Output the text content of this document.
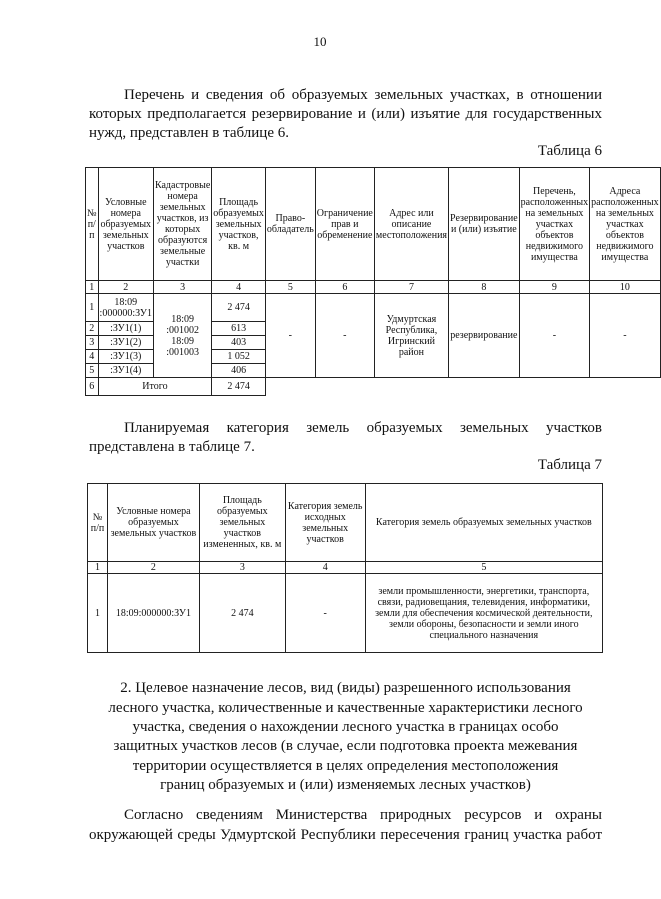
10
Перечень и сведения об образуемых земельных участках, в отношении
которых предполагается резервирование и (или) изъятие для государственных
нужд, представлен в таблице 6.
Таблица 6
№ п/п	Условные номера образуемых земельных участков	Кадастровые номера земельных участков, из которых образуются земельные участки	Площадь образуемых земельных участков, кв. м	Право-обладатель	Ограничение прав и обременение	Адрес или описание местоположения	Резервирование и (или) изъятие	Перечень, расположенных на земельных участках объектов недвижимого имущества	Адреса расположенных на земельных участках объектов недвижимого имущества
1	2	3	4	5	6	7	8	9	10
1	18:09 :000000:ЗУ1	18:09
:001002
18:09
:001003	2 474	-	-	Удмуртская Республика, Игринский район	резервирование	-	-
2	:ЗУ1(1)		613						
3	:ЗУ1(2)		403						
4	:ЗУ1(3)		1 052						
5	:ЗУ1(4)		406						
6	Итого		2 474						
Планируемая категория земель образуемых земельных участков
представлена в таблице 7.
Таблица 7
№ п/п	Условные номера образуемых земельных участков	Площадь образуемых земельных участков измененных, кв. м	Категория земель исходных земельных участков	Категория земель образуемых земельных участков
1	2	3	4	5
1	18:09:000000:ЗУ1	2 474	-	земли промышленности, энергетики, транспорта, связи, радиовещания, телевидения, информатики, земли для обеспечения космической деятельности, земли обороны, безопасности и земли иного специального назначения
2. Целевое назначение лесов, вид (виды) разрешенного использования
лесного участка, количественные и качественные характеристики лесного
участка, сведения о нахождении лесного участка в границах особо
защитных участков лесов (в случае, если подготовка проекта межевания
территории осуществляется в целях определения местоположения
границ образуемых и (или) изменяемых лесных участков)
Согласно сведениям Министерства природных ресурсов и охраны
окружающей среды Удмуртской Республики пересечения границ участка работ
